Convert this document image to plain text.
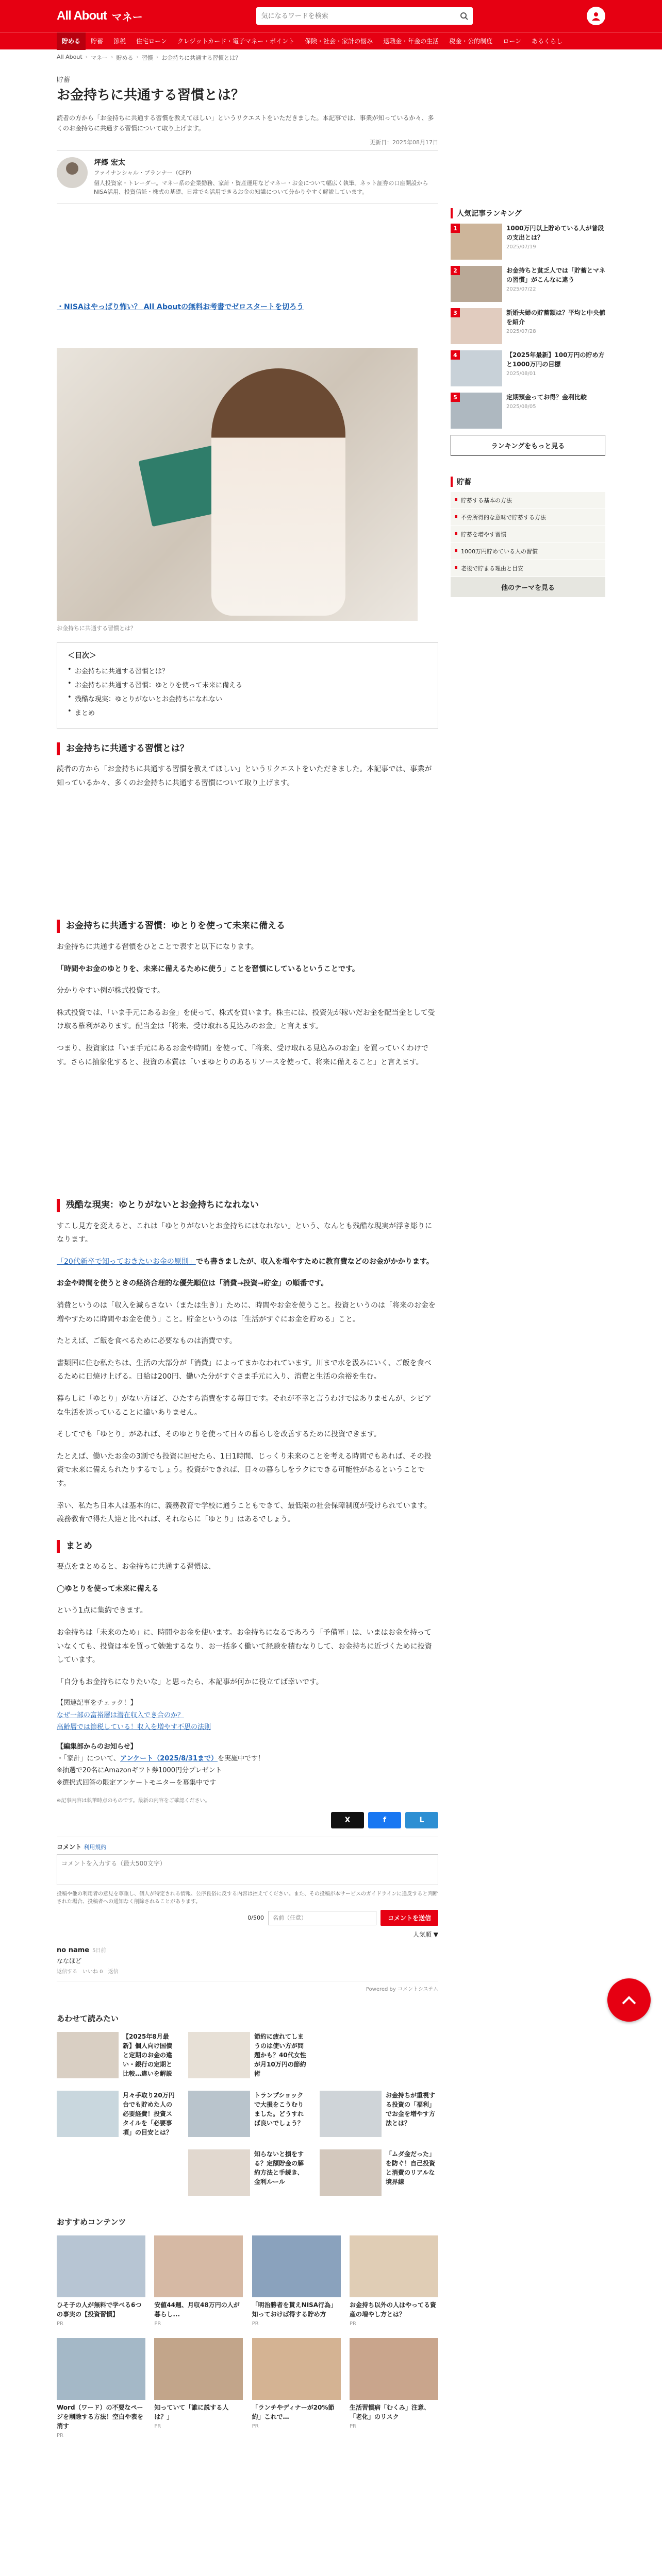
All About マネー
気になるワードを検索
貯める	貯蓄	節税	住宅ローン	クレジットカード・電子マネー・ポイント	保険・社会・家計の悩み	退職金・年金の生活	税金・公的制度	ローン	あるくらし
All About › マネー › 貯める › 習慣 › お金持ちに共通する習慣とは？
貯蓄
お金持ちに共通する習慣とは？

読者の方から「お金持ちに共通する習慣を教えてほしい」というリクエストをいただきました。本記事では、事業が知っているか々、多くのお金持ちに共通する習慣について取り上げます。

更新日：2025年08月17日
坪郷 宏太
ファイナンシャル・プランナー（CFP）
個人投資家・トレーダー。マネー系の企業勤務、家計・資産運用などマネー・お金について幅広く執筆。ネット証券の口座開設からNISA活用、投資信託・株式の基礎、日常でも活用できるお金の知識について分かりやすく解説しています。
・NISAはやっぱり怖い？ All Aboutの無料お考書でゼロスタートを切ろう
お金持ちに共通する習慣とは？
＜目次＞
• お金持ちに共通する習慣とは？
• お金持ちに共通する習慣：ゆとりを使って未来に備える
• 残酷な現実：ゆとりがないとお金持ちになれない
• まとめ
お金持ちに共通する習慣とは？

読者の方から「お金持ちに共通する習慣を教えてほしい」というリクエストをいただきました。本記事では、事業が知っているか々、多くのお金持ちに共通する習慣について取り上げます。

お金持ちに共通する習慣：ゆとりを使って未来に備える

お金持ちに共通する習慣をひとことで表すと以下になります。

「時間やお金のゆとりを、未来に備えるために使う」ことを習慣にしているということです。

分かりやすい例が株式投資です。

株式投資では、「いま手元にあるお金」を使って、株式を買います。株主には、投資先が稼いだお金を配当金として受け取る権利があります。配当金は「将来、受け取れる見込みのお金」と言えます。

つまり、投資家は「いま手元にあるお金や時間」を使って、「将来、受け取れる見込みのお金」を買っていくわけです。さらに抽象化すると、投資の本質は「いまゆとりのあるリソースを使って、将来に備えること」と言えます。

残酷な現実：ゆとりがないとお金持ちになれない

すこし見方を変えると、これは「ゆとりがないとお金持ちにはなれない」という、なんとも残酷な現実が浮き彫りになります。

「20代新卒で知っておきたいお金の原則」でも書きましたが、収入を増やすために教育費などのお金がかかります。

お金や時間を使うときの経済合理的な優先順位は「消費→投資→貯金」の順番です。

消費というのは「収入を減らさない（または生き）」ために、時間やお金を使うこと。投資というのは「将来のお金を増やすために時間やお金を使う」こと。貯金というのは「生活がすぐにお金を貯める」こと。

たとえば、ご飯を食べるために必要なものは消費です。

書類国に住む私たちは、生活の大部分が「消費」によってまかなわれています。川まで水を汲みにいく、ご飯を食べるために日焼け上げる。日給は200円、働いた分がすぐさま手元に入り、消費と生活の余裕を生む。

暮らしに「ゆとり」がない方ほど、ひたすら消費をする毎日です。それが不幸と言うわけではありませんが、シビアな生活を送っていることに違いありません。

そしてでも「ゆとり」があれば、そのゆとりを使って日々の暮らしを改善するために投資できます。

たとえば、働いたお金の3割でも投資に回せたら、1日1時間、じっくり未来のことを考える時間でもあれば、その投資で未来に備えられたりするでしょう。投資ができれば、日々の暮らしをラクにできる可能性があるということです。

幸い、私たち日本人は基本的に、義務教育で学校に通うこともできて、最低限の社会保障制度が受けられています。義務教育で得た人達と比べれば、それならに「ゆとり」はあるでしょう。

まとめ

要点をまとめると、お金持ちに共通する習慣は、

◯ゆとりを使って未来に備える

という1点に集約できます。

お金持ちは「未来のため」に、時間やお金を使います。お金持ちになるであろう「予備軍」は、いまはお金を持っていなくても、投資は本を買って勉強するなり、お一括多く働いて経験を積むなりして、お金持ちに近づくために投資しています。

「自分もお金持ちになりたいな」と思ったら、本記事が何かに役立てば幸いです。

【関連記事をチェック！】
なぜ一部の富裕層は潜在収入でき合のか？
高齢層では節税している！収入を増やす不思の法則
【編集部からのお知らせ】
・「家計」について、アンケート（2025/8/31まで）を実施中です！
※抽選で20名にAmazonギフト券1000円分プレゼント
※選択式回答の限定アンケートモニターを募集中です
※記事内容は執筆時点のものです。最新の内容をご確認ください。
X	f	L
コメント 利用規約
コメントを入力する（最大500文字）
投稿や他の利用者の意見を尊重し、個人が特定される情報、公序良俗に反する内容は控えてください。また、その投稿が本サービスのガイドラインに違反すると判断された場合、投稿者への通知なく削除されることがあります。
0/500
名前（任意）	コメントを送信
人気順 ▼
no name 5日前
ななほど
返信する いいね 0 返信
Powered by コメントシステム
あわせて読みたい
【2025年8月最新】個人向け国債と定期のお金の違い・銀行の定期と比較…違いを解説
節約に疲れてしまうのは使い方が問題かも？40代女性が月10万円の節約術
月々手取り20万円台でも貯めた人の必要経費！投資スタイルを「必要事項」の目安とは？
トランプショックで大損をこうむりました。どうすれば良いでしょう？
お金持ちが重視する投資の「福利」でお金を増やす方法とは？
知らないと損をする？定額貯金の解約方法と手続き、金利ルール
「ムダ金だった」を防ぐ！自己投資と消費のリアルな境界線
おすすめコンテンツ
ひそ子の人が無料で学べる6つの事実の【投資習慣】
PR
安値44週、月収48万円の人が暮らし...
PR
「明治勝者を貰えNISA行為」知っておけば得する貯め方
PR
お金持ち以外の人はやってる資産の増やし方とは？
PR
Word（ワード）の不要なページを削除する方法！空白や表を消す
PR
知っていて「誰に説する人は？」
PR
「ランチやディナーが20%節約」これで…
PR
生活習慣病「むくみ」注意、「老化」のリスク
PR
人気記事ランキング
1	1000万円以上貯めている人が普段の支出とは？
2025/07/19
2	お金持ちと貧乏人では「貯蓄とマネの習慣」がこんなに違う
2025/07/22
3	新婚夫婦の貯蓄額は？平均と中央値を紹介
2025/07/28
4	【2025年最新】100万円の貯め方と1000万円の目標
2025/08/01
5	定期預金ってお得？金利比較
2025/08/05
ランキングをもっと見る
貯蓄
貯蓄する基本の方法
不労所得的な意味で貯蓄する方法
貯蓄を増やす習慣
1000万円貯めている人の習慣
老後で貯まる理由と目安
他のテーマを見る
